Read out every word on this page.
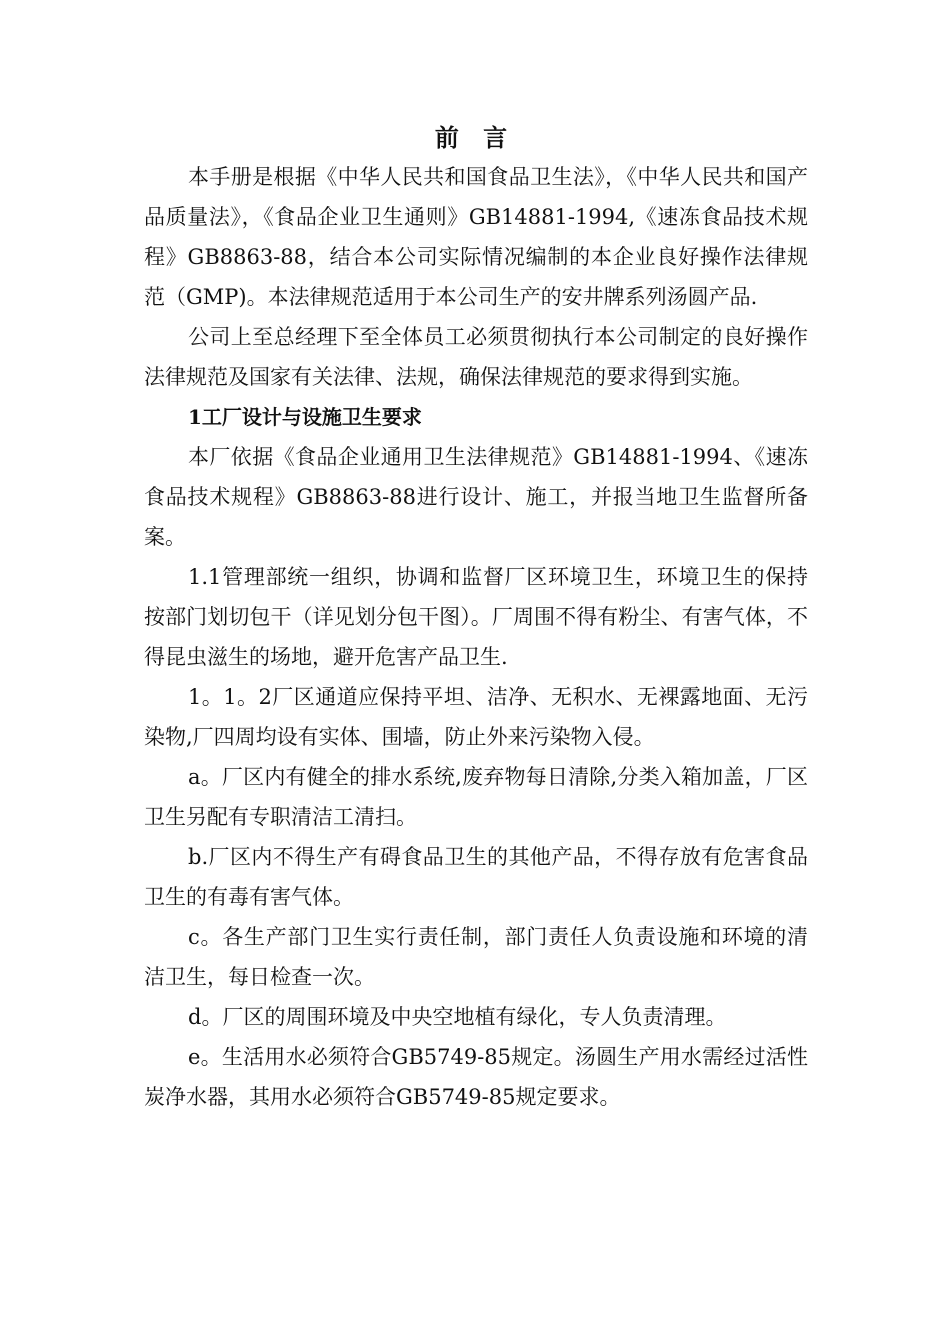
前 言

本手册是根据《中华人民共和国食品卫生法》，《中华人民共和国产品质量法》，《食品企业卫生通则》GB14881-1994,《速冻食品技术规程》GB8863-88，结合本公司实际情况编制的本企业良好操作法律规范（GMP)。本法律规范适用于本公司生产的安井牌系列汤圆产品.

公司上至总经理下至全体员工必须贯彻执行本公司制定的良好操作法律规范及国家有关法律、法规，确保法律规范的要求得到实施。

1工厂设计与设施卫生要求

本厂依据《食品企业通用卫生法律规范》GB14881-1994、《速冻食品技术规程》GB8863-88进行设计、施工，并报当地卫生监督所备案。

1.1管理部统一组织，协调和监督厂区环境卫生，环境卫生的保持按部门划切包干（详见划分包干图）。厂周围不得有粉尘、有害气体，不得昆虫滋生的场地，避开危害产品卫生.

1。1。2厂区通道应保持平坦、洁净、无积水、无裸露地面、无污染物,厂四周均设有实体、围墙，防止外来污染物入侵。

a。厂区内有健全的排水系统,废弃物每日清除,分类入箱加盖，厂区卫生另配有专职清洁工清扫。

b.厂区内不得生产有碍食品卫生的其他产品，不得存放有危害食品卫生的有毒有害气体。

c。各生产部门卫生实行责任制，部门责任人负责设施和环境的清洁卫生，每日检查一次。

d。厂区的周围环境及中央空地植有绿化，专人负责清理。

e。生活用水必须符合GB5749-85规定。汤圆生产用水需经过活性炭净水器，其用水必须符合GB5749-85规定要求。
